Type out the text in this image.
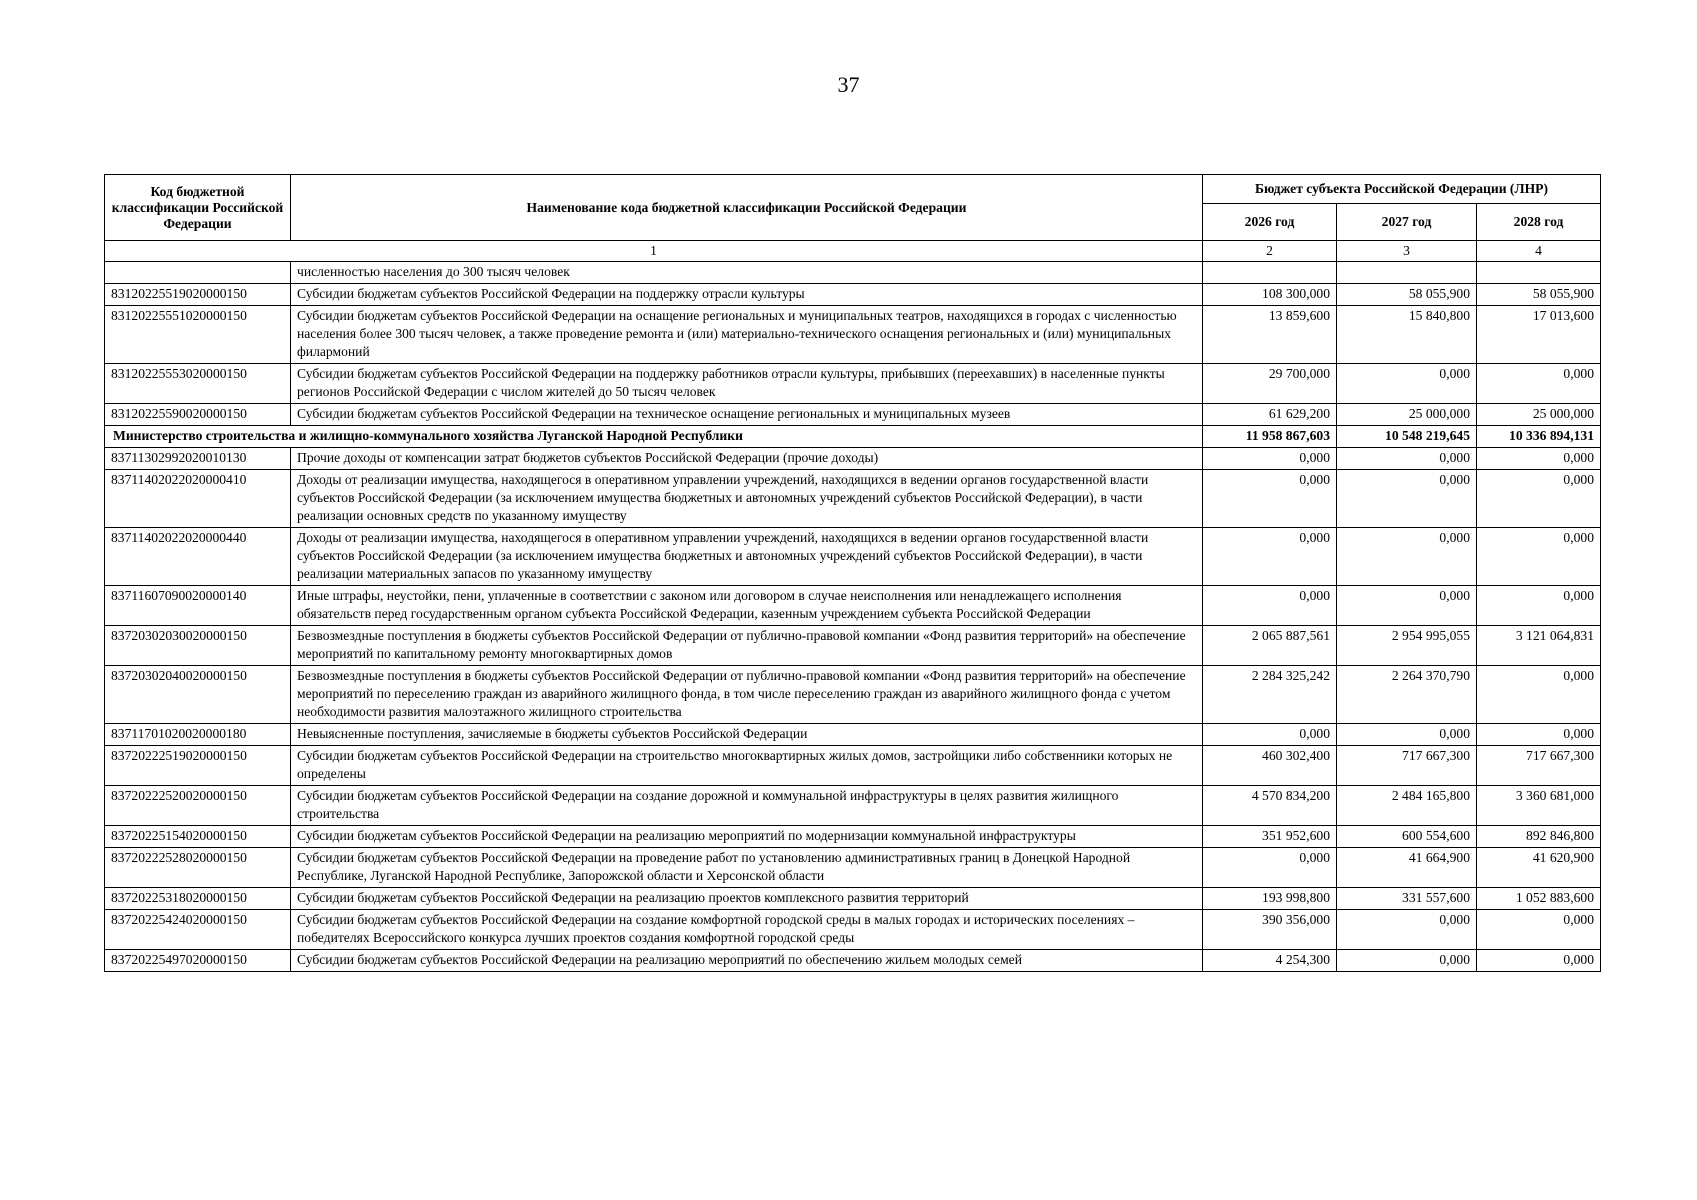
37
Код бюджетной классификации Российской Федерации	Наименование кода бюджетной классификации Российской Федерации	Бюджет субъекта Российской Федерации (ЛНР)		
		2026 год	2027 год	2028 год
1		2	3	4
	численностью населения до 300 тысяч человек			
83120225519020000150	Субсидии бюджетам субъектов Российской Федерации на поддержку отрасли культуры	108 300,000	58 055,900	58 055,900
83120225551020000150	Субсидии бюджетам субъектов Российской Федерации на оснащение региональных и муниципальных театров, находящихся в городах с численностью населения более 300 тысяч человек, а также проведение ремонта и (или) материально-технического оснащения региональных и (или) муниципальных филармоний	13 859,600	15 840,800	17 013,600
83120225553020000150	Субсидии бюджетам субъектов Российской Федерации на поддержку работников отрасли культуры, прибывших (переехавших) в населенные пункты регионов Российской Федерации с числом жителей до 50 тысяч человек	29 700,000	0,000	0,000
83120225590020000150	Субсидии бюджетам субъектов Российской Федерации на техническое оснащение региональных и муниципальных музеев	61 629,200	25 000,000	25 000,000
Министерство строительства и жилищно-коммунального хозяйства Луганской Народной Республики		11 958 867,603	10 548 219,645	10 336 894,131
83711302992020010130	Прочие доходы от компенсации затрат бюджетов субъектов Российской Федерации (прочие доходы)	0,000	0,000	0,000
83711402022020000410	Доходы от реализации имущества, находящегося в оперативном управлении учреждений, находящихся в ведении органов государственной власти субъектов Российской Федерации (за исключением имущества бюджетных и автономных учреждений субъектов Российской Федерации), в части реализации основных средств по указанному имуществу	0,000	0,000	0,000
83711402022020000440	Доходы от реализации имущества, находящегося в оперативном управлении учреждений, находящихся в ведении органов государственной власти субъектов Российской Федерации (за исключением имущества бюджетных и автономных учреждений субъектов Российской Федерации), в части реализации материальных запасов по указанному имуществу	0,000	0,000	0,000
83711607090020000140	Иные штрафы, неустойки, пени, уплаченные в соответствии с законом или договором в случае неисполнения или ненадлежащего исполнения обязательств перед государственным органом субъекта Российской Федерации, казенным учреждением субъекта Российской Федерации	0,000	0,000	0,000
83720302030020000150	Безвозмездные поступления в бюджеты субъектов Российской Федерации от публично-правовой компании «Фонд развития территорий» на обеспечение мероприятий по капитальному ремонту многоквартирных домов	2 065 887,561	2 954 995,055	3 121 064,831
83720302040020000150	Безвозмездные поступления в бюджеты субъектов Российской Федерации от публично-правовой компании «Фонд развития территорий» на обеспечение мероприятий по переселению граждан из аварийного жилищного фонда, в том числе переселению граждан из аварийного жилищного фонда с учетом необходимости развития малоэтажного жилищного строительства	2 284 325,242	2 264 370,790	0,000
83711701020020000180	Невыясненные поступления, зачисляемые в бюджеты субъектов Российской Федерации	0,000	0,000	0,000
83720222519020000150	Субсидии бюджетам субъектов Российской Федерации на строительство многоквартирных жилых домов, застройщики либо собственники которых не определены	460 302,400	717 667,300	717 667,300
83720222520020000150	Субсидии бюджетам субъектов Российской Федерации на создание дорожной и коммунальной инфраструктуры в целях развития жилищного строительства	4 570 834,200	2 484 165,800	3 360 681,000
83720225154020000150	Субсидии бюджетам субъектов Российской Федерации на реализацию мероприятий по модернизации коммунальной инфраструктуры	351 952,600	600 554,600	892 846,800
83720222528020000150	Субсидии бюджетам субъектов Российской Федерации на проведение работ по установлению административных границ в Донецкой Народной Республике, Луганской Народной Республике, Запорожской области и Херсонской области	0,000	41 664,900	41 620,900
83720225318020000150	Субсидии бюджетам субъектов Российской Федерации на реализацию проектов комплексного развития территорий	193 998,800	331 557,600	1 052 883,600
83720225424020000150	Субсидии бюджетам субъектов Российской Федерации на создание комфортной городской среды в малых городах и исторических поселениях – победителях Всероссийского конкурса лучших проектов создания комфортной городской среды	390 356,000	0,000	0,000
83720225497020000150	Субсидии бюджетам субъектов Российской Федерации на реализацию мероприятий по обеспечению жильем молодых семей	4 254,300	0,000	0,000
